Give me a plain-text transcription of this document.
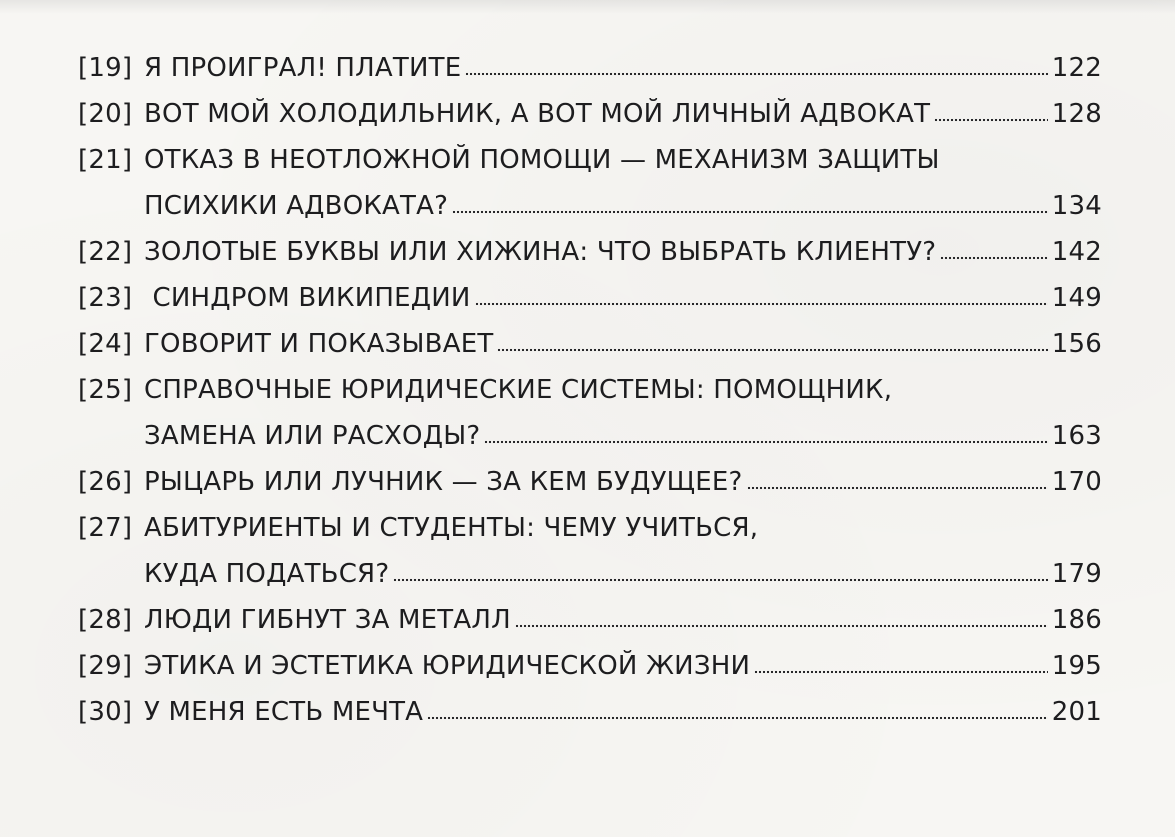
[19] Я ПРОИГРАЛ! ПЛАТИТЕ	122
[20] ВОТ МОЙ ХОЛОДИЛЬНИК, А ВОТ МОЙ ЛИЧНЫЙ АДВОКАТ	128
[21] ОТКАЗ В НЕОТЛОЖНОЙ ПОМОЩИ — МЕХАНИЗМ ЗАЩИТЫ
ПСИХИКИ АДВОКАТА?	134
[22] ЗОЛОТЫЕ БУКВЫ ИЛИ ХИЖИНА: ЧТО ВЫБРАТЬ КЛИЕНТУ?	142
[23] СИНДРОМ ВИКИПЕДИИ	149
[24] ГОВОРИТ И ПОКАЗЫВАЕТ	156
[25] СПРАВОЧНЫЕ ЮРИДИЧЕСКИЕ СИСТЕМЫ: ПОМОЩНИК,
ЗАМЕНА ИЛИ РАСХОДЫ?	163
[26] РЫЦАРЬ ИЛИ ЛУЧНИК — ЗА КЕМ БУДУЩЕЕ?	170
[27] АБИТУРИЕНТЫ И СТУДЕНТЫ: ЧЕМУ УЧИТЬСЯ,
КУДА ПОДАТЬСЯ?	179
[28] ЛЮДИ ГИБНУТ ЗА МЕТАЛЛ	186
[29] ЭТИКА И ЭСТЕТИКА ЮРИДИЧЕСКОЙ ЖИЗНИ	195
[30] У МЕНЯ ЕСТЬ МЕЧТА	201
